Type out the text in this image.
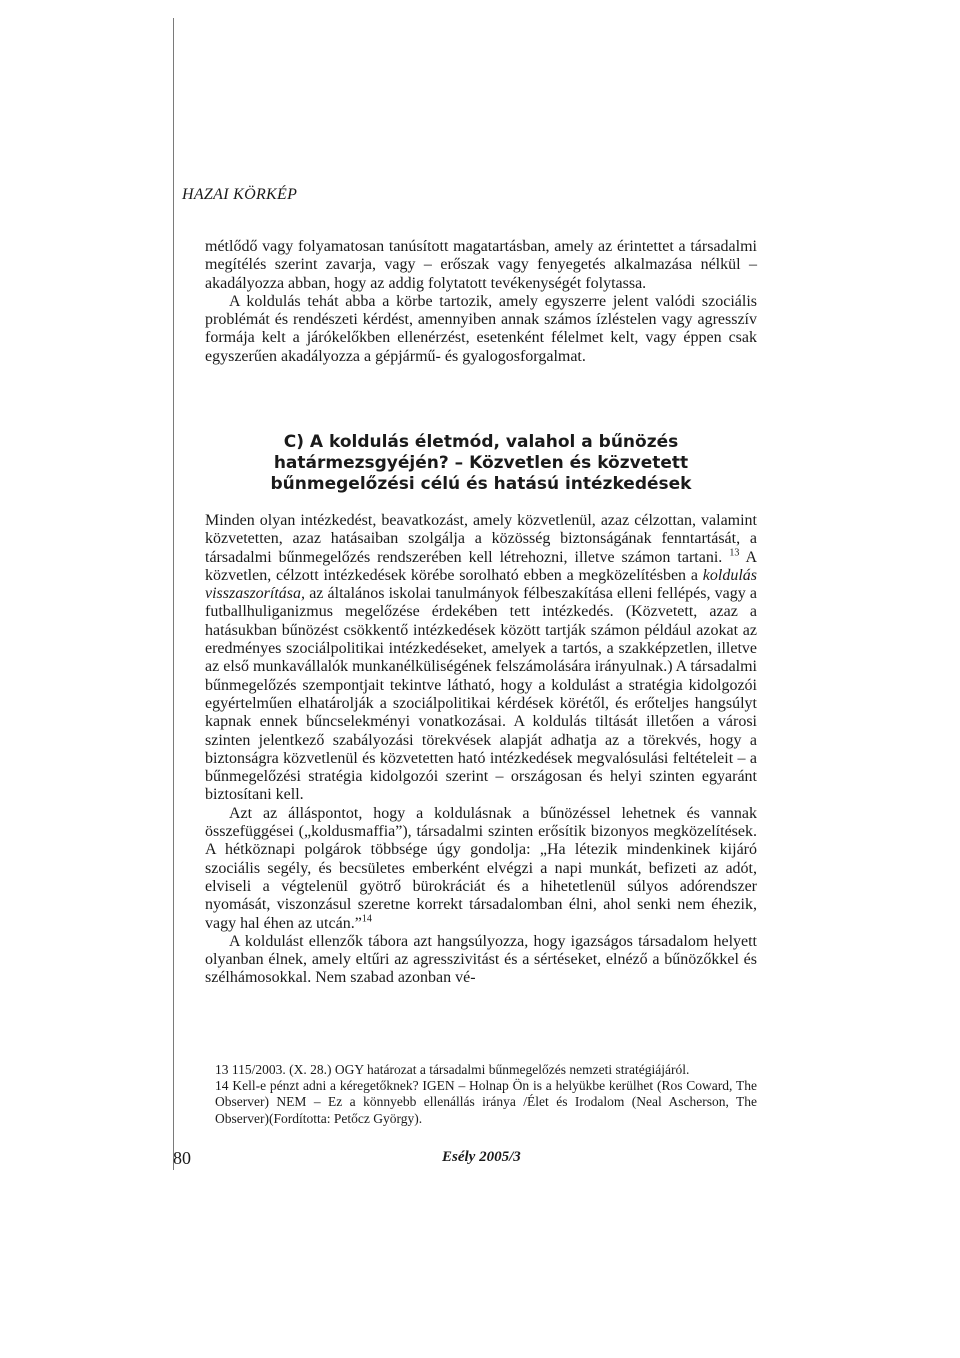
HAZAI KÖRKÉP

métlődő vagy folyamatosan tanúsított magatartásban, amely az érintettet a társadalmi megítélés szerint zavarja, vagy – erőszak vagy fenyegetés alkalmazása nélkül – akadályozza abban, hogy az addig folytatott tevékenységét folytassa.

A koldulás tehát abba a körbe tartozik, amely egyszerre jelent valódi szociális problémát és rendészeti kérdést, amennyiben annak számos ízléstelen vagy agresszív formája kelt a járókelőkben ellenérzést, esetenként félelmet kelt, vagy éppen csak egyszerűen akadályozza a gépjármű- és gyalogosforgalmat.

C) A koldulás életmód, valahol a bűnözés határmezsgyéjén? – Közvetlen és közvetett bűnmegelőzési célú és hatású intézkedések

Minden olyan intézkedést, beavatkozást, amely közvetlenül, azaz célzottan, valamint közvetetten, azaz hatásaiban szolgálja a közösség biztonságának fenntartását, a társadalmi bűnmegelőzés rendszerében kell létrehozni, illetve számon tartani. $^{13}$ A közvetlen, célzott intézkedések körébe sorolható ebben a megközelítésben a koldulás visszaszorítása, az általános iskolai tanulmányok félbeszakítása elleni fellépés, vagy a futballhuliganizmus megelőzése érdekében tett intézkedés. (Közvetett, azaz a hatásukban bűnözést csökkentő intézkedések között tartják számon például azokat az eredményes szociálpolitikai intézkedéseket, amelyek a tartós, a szakképzetlen, illetve az első munkavállalók munkanélküliségének felszámolására irányulnak.) A társadalmi bűnmegelőzés szempontjait tekintve látható, hogy a koldulást a stratégia kidolgozói egyértelműen elhatárolják a szociálpolitikai kérdések körétől, és erőteljes hangsúlyt kapnak ennek bűncselekményi vonatkozásai. A koldulás tiltását illetően a városi szinten jelentkező szabályozási törekvések alapját adhatja az a törekvés, hogy a biztonságra közvetlenül és közvetetten ható intézkedések megvalósulási feltételeit – a bűnmegelőzési stratégia kidolgozói szerint – országosan és helyi szinten egyaránt biztosítani kell.

Azt az álláspontot, hogy a koldulásnak a bűnözéssel lehetnek és vannak összefüggései („koldusmaffia”), társadalmi szinten erősítik bizonyos megközelítések. A hétköznapi polgárok többsége úgy gondolja: „Ha létezik mindenkinek kijáró szociális segély, és becsületes emberként elvégzi a napi munkát, befizeti az adót, elviseli a végtelenül gyötrő bürokráciát és a hihetetlenül súlyos adórendszer nyomását, viszonzásul szeretne korrekt társadalomban élni, ahol senki nem éhezik, vagy hal éhen az utcán.”$^{14}$

A koldulást ellenzők tábora azt hangsúlyozza, hogy igazságos társadalom helyett olyanban élnek, amely eltűri az agresszivitást és a sértéseket, elnéző a bűnözőkkel és szélhámosokkal. Nem szabad azonban vé-

13 115/2003. (X. 28.) OGY határozat a társadalmi bűnmegelőzés nemzeti stratégiájáról.

14 Kell-e pénzt adni a kéregetőknek? IGEN – Holnap Ön is a helyükbe kerülhet (Ros Coward, The Observer) NEM – Ez a könnyebb ellenállás iránya /Élet és Irodalom (Neal Ascherson, The Observer)(Fordította: Petőcz György).

80	Esély 2005/3
